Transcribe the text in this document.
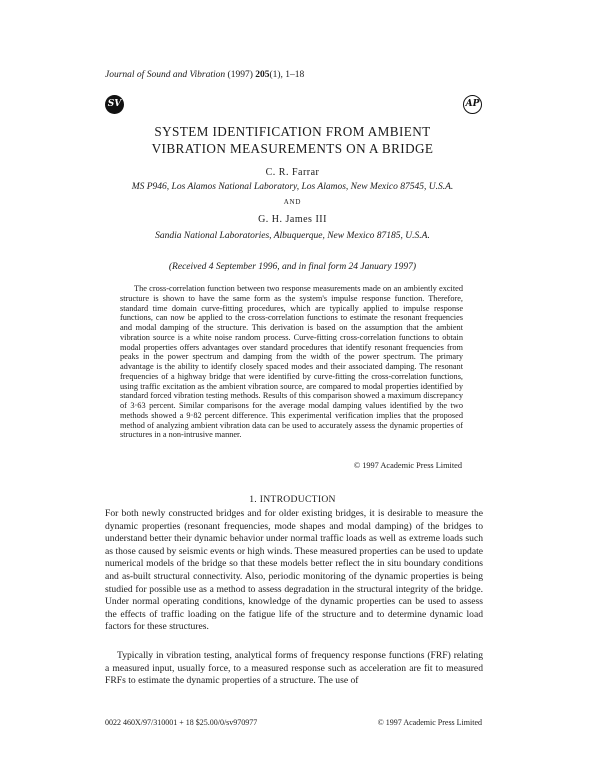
Journal of Sound and Vibration (1997) 205(1), 1–18
SV	AP
SYSTEM IDENTIFICATION FROM AMBIENT
VIBRATION MEASUREMENTS ON A BRIDGE
C. R. Farrar
MS P946, Los Alamos National Laboratory, Los Alamos, New Mexico 87545, U.S.A.
AND
G. H. James III
Sandia National Laboratories, Albuquerque, New Mexico 87185, U.S.A.
(Received 4 September 1996, and in final form 24 January 1997)
The cross-correlation function between two response measurements made on an ambiently excited structure is shown to have the same form as the system's impulse response function. Therefore, standard time domain curve-fitting procedures, which are typically applied to impulse response functions, can now be applied to the cross-correlation functions to estimate the resonant frequencies and modal damping of the structure. This derivation is based on the assumption that the ambient vibration source is a white noise random process. Curve-fitting cross-correlation functions to obtain modal properties offers advantages over standard procedures that identify resonant frequencies from peaks in the power spectrum and damping from the width of the power spectrum. The primary advantage is the ability to identify closely spaced modes and their associated damping. The resonant frequencies of a highway bridge that were identified by curve-fitting the cross-correlation functions, using traffic excitation as the ambient vibration source, are compared to modal properties identified by standard forced vibration testing methods. Results of this comparison showed a maximum discrepancy of 3·63 percent. Similar comparisons for the average modal damping values identified by the two methods showed a 9·82 percent difference. This experimental verification implies that the proposed method of analyzing ambient vibration data can be used to accurately assess the dynamic properties of structures in a non-intrusive manner.
© 1997 Academic Press Limited
1. INTRODUCTION
For both newly constructed bridges and for older existing bridges, it is desirable to measure the dynamic properties (resonant frequencies, mode shapes and modal damping) of the bridges to understand better their dynamic behavior under normal traffic loads as well as extreme loads such as those caused by seismic events or high winds. These measured properties can be used to update numerical models of the bridge so that these models better reflect the in situ boundary conditions and as-built structural connectivity. Also, periodic monitoring of the dynamic properties is being studied for possible use as a method to assess degradation in the structural integrity of the bridge. Under normal operating conditions, knowledge of the dynamic properties can be used to assess the effects of traffic loading on the fatigue life of the structure and to determine dynamic load factors for these structures.
Typically in vibration testing, analytical forms of frequency response functions (FRF) relating a measured input, usually force, to a measured response such as acceleration are fit to measured FRFs to estimate the dynamic properties of a structure. The use of
0022 460X/97/310001 + 18 $25.00/0/sv970977	© 1997 Academic Press Limited
